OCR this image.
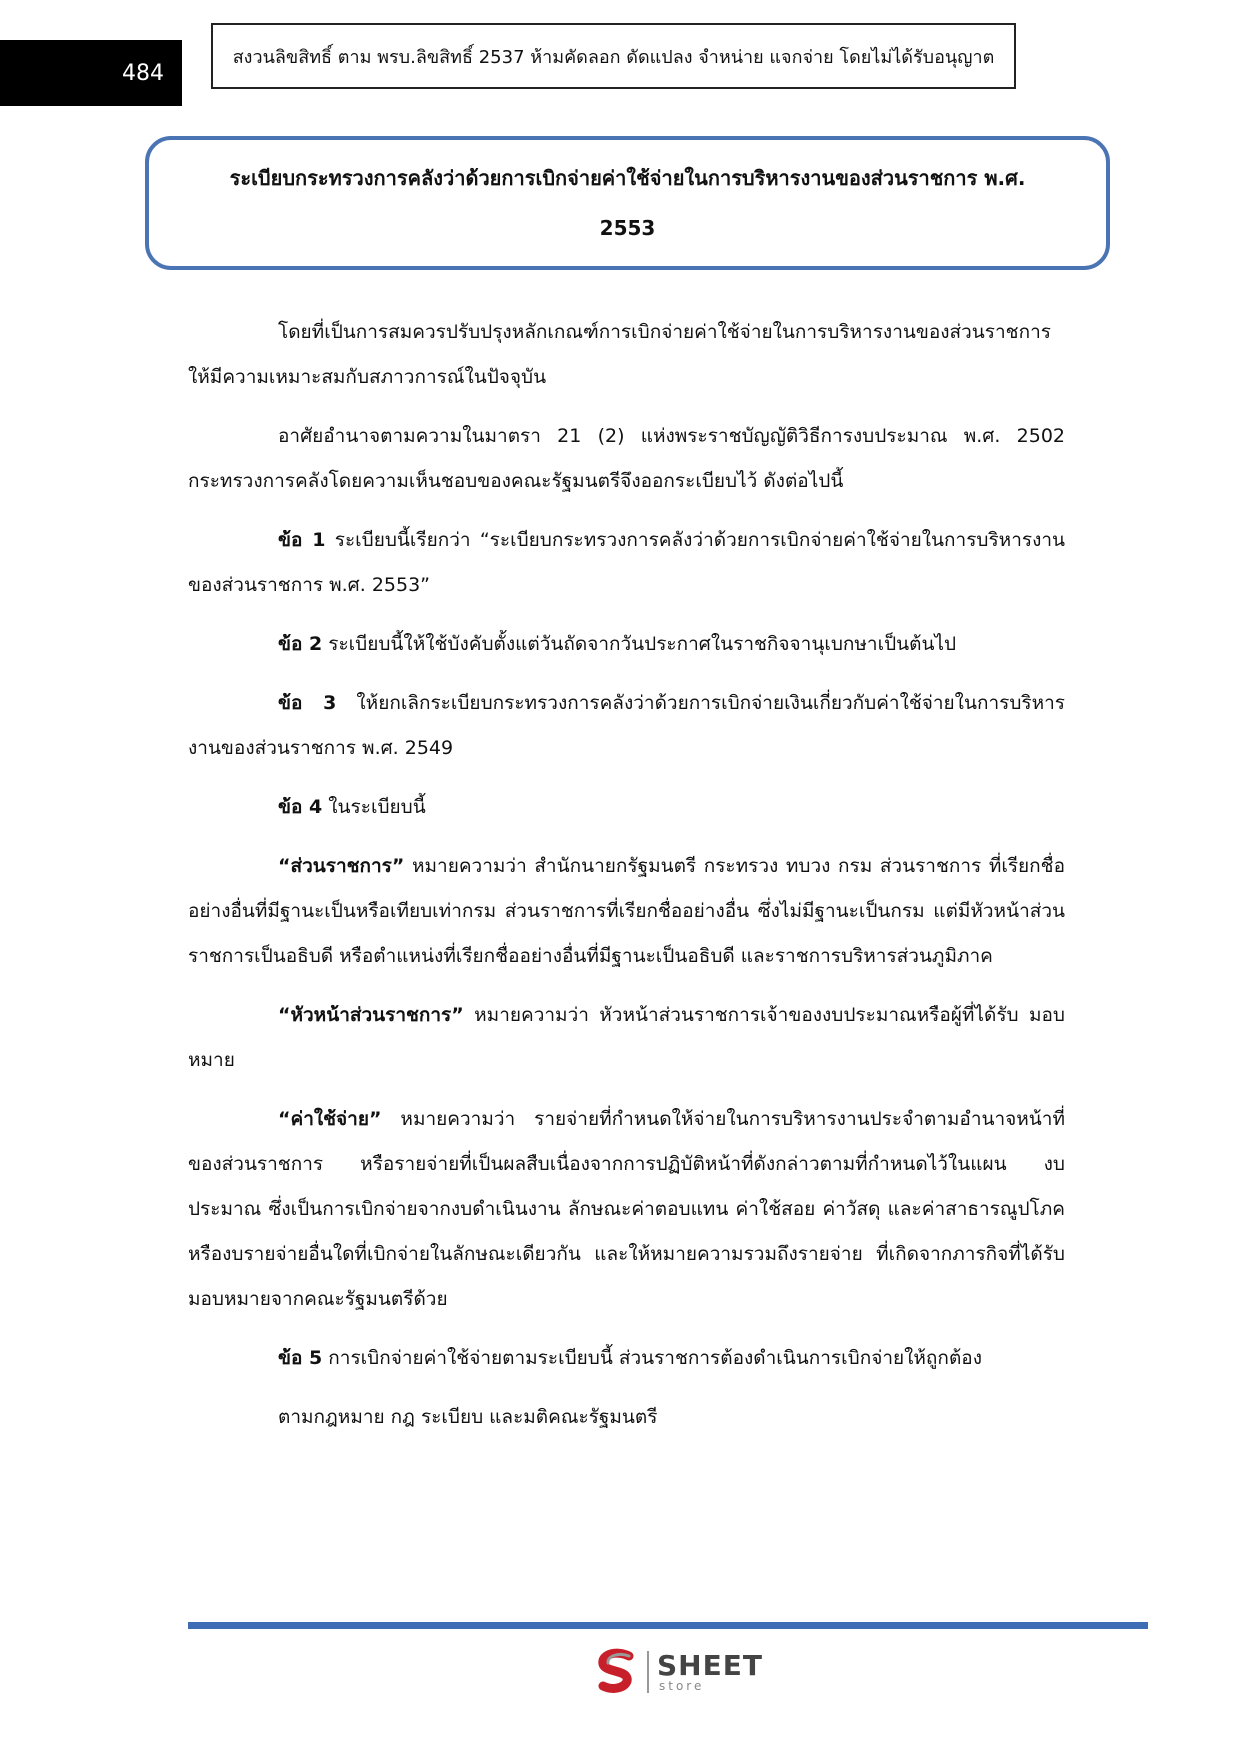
484
สงวนลิขสิทธิ์ ตาม พรบ.ลิขสิทธิ์ 2537 ห้ามคัดลอก ดัดแปลง จำหน่าย แจกจ่าย โดยไม่ได้รับอนุญาต
ระเบียบกระทรวงการคลังว่าด้วยการเบิกจ่ายค่าใช้จ่ายในการบริหารงานของส่วนราชการ พ.ศ.
2553

โดยที่เป็นการสมควรปรับปรุงหลักเกณฑ์การเบิกจ่ายค่าใช้จ่ายในการบริหารงานของส่วนราชการ ให้มีความเหมาะสมกับสภาวการณ์ในปัจจุบัน

อาศัยอำนาจตามความในมาตรา 21 (2) แห่งพระราชบัญญัติวิธีการงบประมาณ พ.ศ. 2502 กระทรวงการคลังโดยความเห็นชอบของคณะรัฐมนตรีจึงออกระเบียบไว้ ดังต่อไปนี้

ข้อ 1 ระเบียบนี้เรียกว่า “ระเบียบกระทรวงการคลังว่าด้วยการเบิกจ่ายค่าใช้จ่ายในการบริหารงาน ของส่วนราชการ พ.ศ. 2553”

ข้อ 2 ระเบียบนี้ให้ใช้บังคับตั้งแต่วันถัดจากวันประกาศในราชกิจจานุเบกษาเป็นต้นไป

ข้อ 3 ให้ยกเลิกระเบียบกระทรวงการคลังว่าด้วยการเบิกจ่ายเงินเกี่ยวกับค่าใช้จ่ายในการบริหารงานของส่วนราชการ พ.ศ. 2549

ข้อ 4 ในระเบียบนี้

“ส่วนราชการ” หมายความว่า สำนักนายกรัฐมนตรี กระทรวง ทบวง กรม ส่วนราชการ ที่เรียกชื่ออย่างอื่นที่มีฐานะเป็นหรือเทียบเท่ากรม ส่วนราชการที่เรียกชื่ออย่างอื่น ซึ่งไม่มีฐานะเป็นกรม แต่มีหัวหน้าส่วนราชการเป็นอธิบดี หรือตำแหน่งที่เรียกชื่ออย่างอื่นที่มีฐานะเป็นอธิบดี และราชการบริหารส่วนภูมิภาค

“หัวหน้าส่วนราชการ” หมายความว่า หัวหน้าส่วนราชการเจ้าของงบประมาณหรือผู้ที่ได้รับ มอบหมาย

“ค่าใช้จ่าย” หมายความว่า รายจ่ายที่กำหนดให้จ่ายในการบริหารงานประจำตามอำนาจหน้าที่ ของส่วนราชการ หรือรายจ่ายที่เป็นผลสืบเนื่องจากการปฏิบัติหน้าที่ดังกล่าวตามที่กำหนดไว้ในแผน งบประมาณ ซึ่งเป็นการเบิกจ่ายจากงบดำเนินงาน ลักษณะค่าตอบแทน ค่าใช้สอย ค่าวัสดุ และค่าสาธารณูปโภค หรืองบรายจ่ายอื่นใดที่เบิกจ่ายในลักษณะเดียวกัน และให้หมายความรวมถึงรายจ่าย ที่เกิดจากภารกิจที่ได้รับมอบหมายจากคณะรัฐมนตรีด้วย

ข้อ 5 การเบิกจ่ายค่าใช้จ่ายตามระเบียบนี้ ส่วนราชการต้องดำเนินการเบิกจ่ายให้ถูกต้อง

ตามกฎหมาย กฎ ระเบียบ และมติคณะรัฐมนตรี

SHEET
store
